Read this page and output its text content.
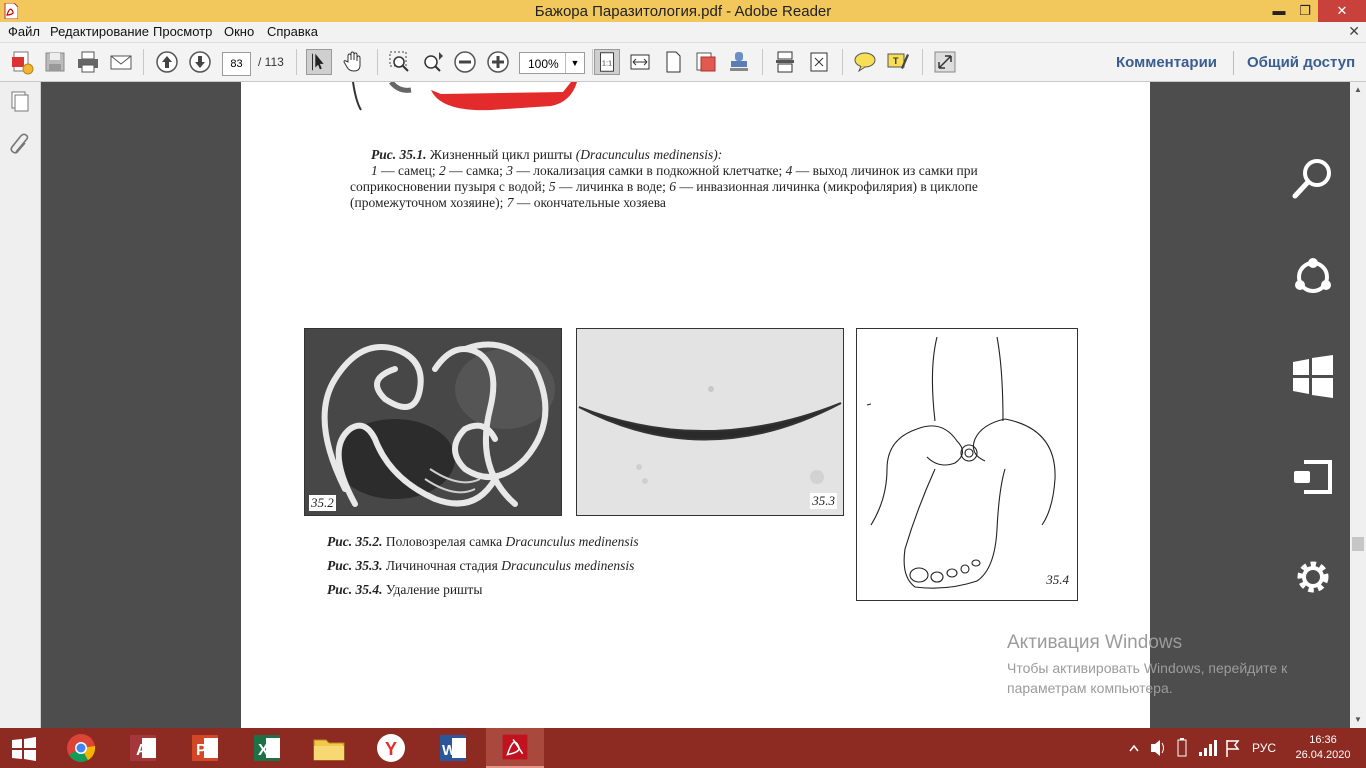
Бажора Паразитология.pdf - Adobe Reader	▬	❐	✕
Файл Редактирование Просмотр Окно Справка	✕
83	/ 113	100%	▼	1:1	T	Комментарии Общий доступ
Рис. 35.1. Жизненный цикл ришты (Dracunculus medinensis):
1 — самец; 2 — самка; 3 — локализация самки в подкожной клетчатке; 4 — выход личинок из самки при соприкосновении пузыря с водой; 5 — личинка в воде; 6 — инвазионная личинка (микрофилярия) в циклопе (промежуточном хозяине); 7 — окончательные хозяева
35.2	35.3
35.4
Рис. 35.2. Половозрелая самка Dracunculus medinensis
Рис. 35.3. Личиночная стадия Dracunculus medinensis
Рис. 35.4. Удаление ришты
▲
▼
Активация Windows
Чтобы активировать Windows, перейдите к
параметрам компьютера.
A	P	X	Y	W	РУС
16:36
26.04.2020
